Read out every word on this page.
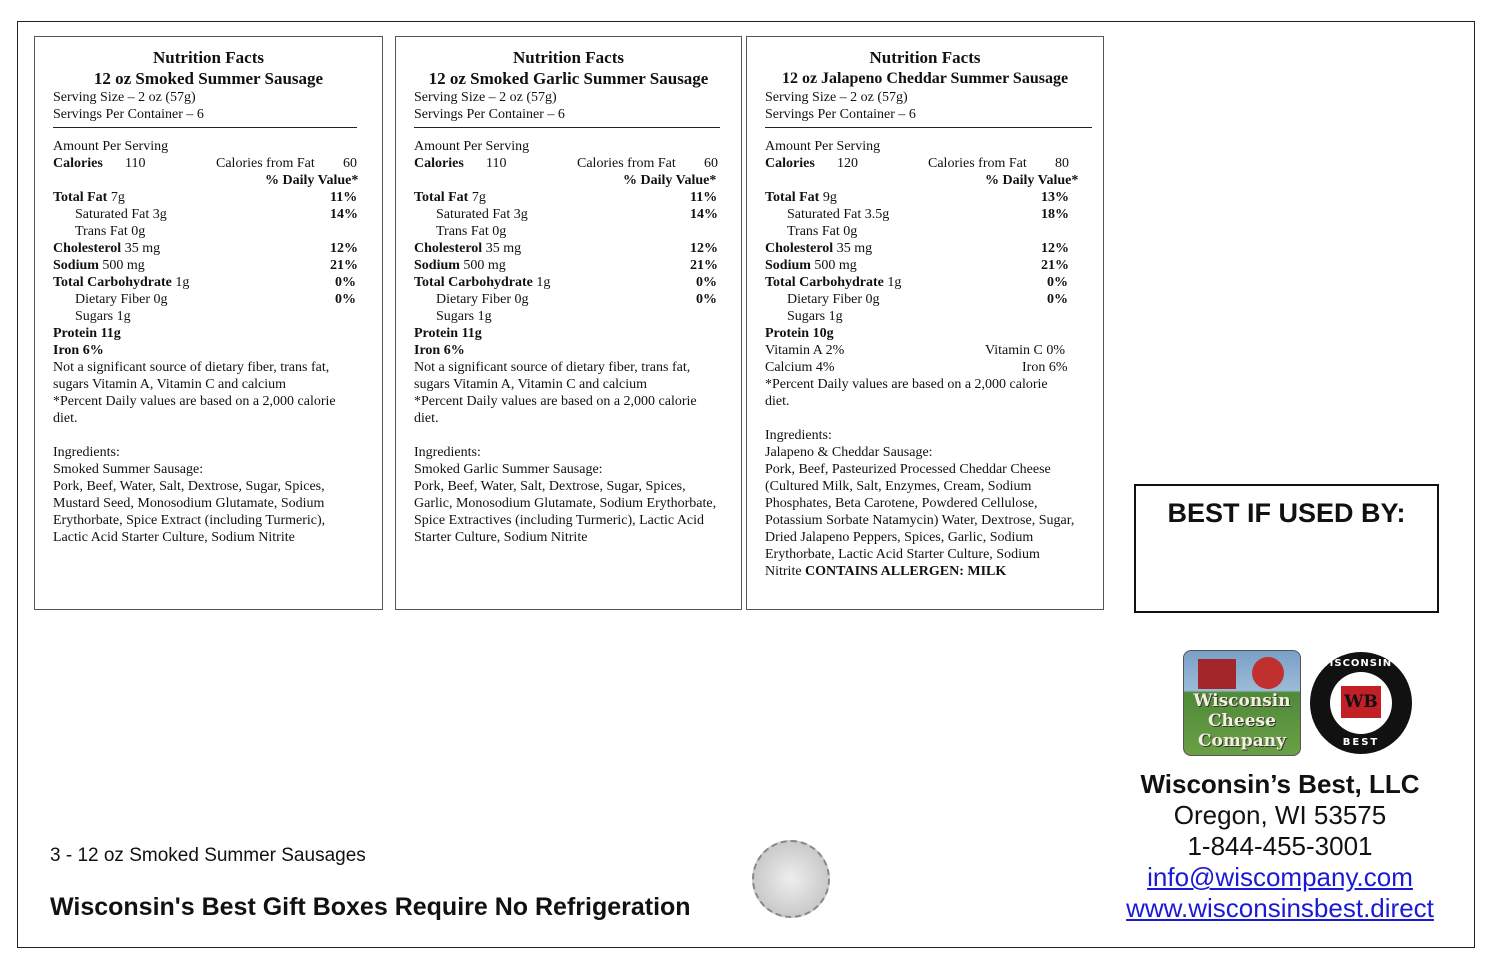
Nutrition Facts
12 oz Smoked Summer Sausage
Serving Size – 2 oz (57g)
Servings Per Container – 6
Amount Per Serving
Calories 110	Calories from Fat 60
% Daily Value*
Total Fat 7g	11%
Saturated Fat 3g	14%
Trans Fat 0g
Cholesterol 35 mg	12%
Sodium 500 mg	21%
Total Carbohydrate 1g	0%
Dietary Fiber 0g	0%
Sugars 1g
Protein 11g
Iron 6%
Not a significant source of dietary fiber, trans fat, sugars Vitamin A, Vitamin C and calcium
*Percent Daily values are based on a 2,000 calorie diet.
Ingredients:
Smoked Summer Sausage:
Pork, Beef, Water, Salt, Dextrose, Sugar, Spices, Mustard Seed, Monosodium Glutamate, Sodium Erythorbate, Spice Extract (including Turmeric), Lactic Acid Starter Culture, Sodium Nitrite
Nutrition Facts
12 oz Smoked Garlic Summer Sausage
Serving Size – 2 oz (57g)
Servings Per Container – 6
Amount Per Serving
Calories 110	Calories from Fat 60
% Daily Value*
Total Fat 7g	11%
Saturated Fat 3g	14%
Trans Fat 0g
Cholesterol 35 mg	12%
Sodium 500 mg	21%
Total Carbohydrate 1g	0%
Dietary Fiber 0g	0%
Sugars 1g
Protein 11g
Iron 6%
Not a significant source of dietary fiber, trans fat, sugars Vitamin A, Vitamin C and calcium
*Percent Daily values are based on a 2,000 calorie diet.
Ingredients:
Smoked Garlic Summer Sausage:
Pork, Beef, Water, Salt, Dextrose, Sugar, Spices, Garlic, Monosodium Glutamate, Sodium Erythorbate, Spice Extractives (including Turmeric), Lactic Acid Starter Culture, Sodium Nitrite
Nutrition Facts
12 oz Jalapeno Cheddar Summer Sausage
Serving Size – 2 oz (57g)
Servings Per Container – 6
Amount Per Serving
Calories 120	Calories from Fat 80
% Daily Value*
Total Fat 9g	13%
Saturated Fat 3.5g	18%
Trans Fat 0g
Cholesterol 35 mg	12%
Sodium 500 mg	21%
Total Carbohydrate 1g	0%
Dietary Fiber 0g	0%
Sugars 1g
Protein 10g
Vitamin A 2%	Vitamin C 0%
Calcium 4%	Iron 6%
*Percent Daily values are based on a 2,000 calorie diet.
Ingredients:
Jalapeno & Cheddar Sausage:
Pork, Beef, Pasteurized Processed Cheddar Cheese (Cultured Milk, Salt, Enzymes, Cream, Sodium Phosphates, Beta Carotene, Powdered Cellulose, Potassium Sorbate Natamycin) Water, Dextrose, Sugar, Dried Jalapeno Peppers, Spices, Garlic, Sodium Erythorbate, Lactic Acid Starter Culture, Sodium Nitrite CONTAINS ALLERGEN: MILK
BEST IF USED BY:
Wisconsin
Cheese
Company
WISCONSIN'S
WB
BEST
Wisconsin’s Best, LLC
Oregon, WI 53575
1-844-455-3001
info@wiscompany.com
www.wisconsinsbest.direct
3 - 12 oz Smoked Summer Sausages
Wisconsin's Best Gift Boxes Require No Refrigeration
